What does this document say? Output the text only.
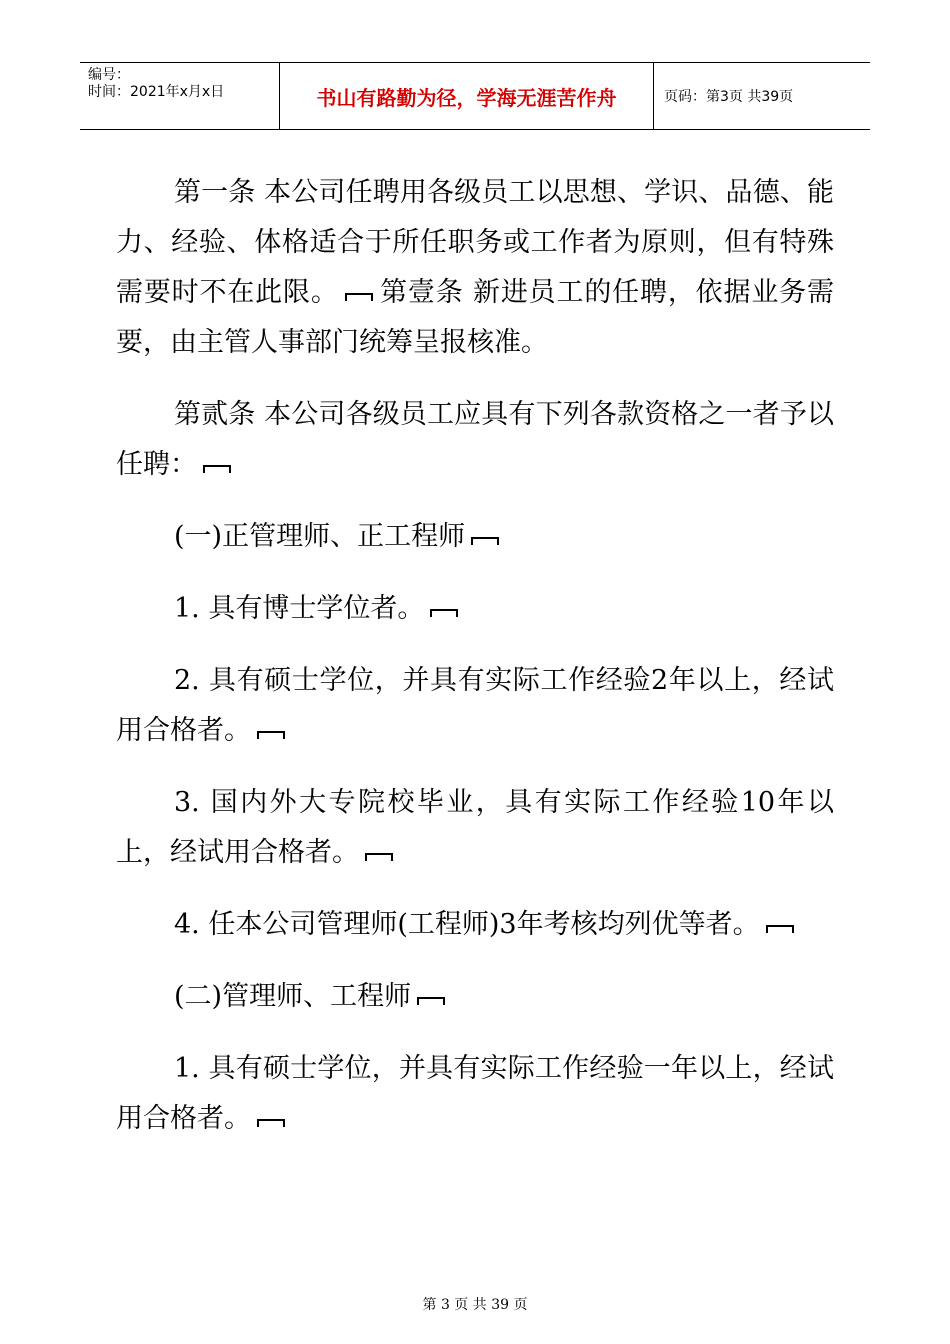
编号：
时间：2021年x月x日	书山有路勤为径，学海无涯苦作舟	页码：第3页 共39页

第一条 本公司任聘用各级员工以思想、学识、品德、能力、经验、体格适合于所任职务或工作者为原则，但有特殊需要时不在此限。 第壹条 新进员工的任聘，依据业务需要，由主管人事部门统筹呈报核准。

第贰条 本公司各级员工应具有下列各款资格之一者予以任聘：

(一)正管理师、正工程师

1. 具有博士学位者。

2. 具有硕士学位，并具有实际工作经验2年以上，经试用合格者。

3. 国内外大专院校毕业，具有实际工作经验10年以上，经试用合格者。

4. 任本公司管理师(工程师)3年考核均列优等者。

(二)管理师、工程师

1. 具有硕士学位，并具有实际工作经验一年以上，经试用合格者。

第 3 页 共 39 页
